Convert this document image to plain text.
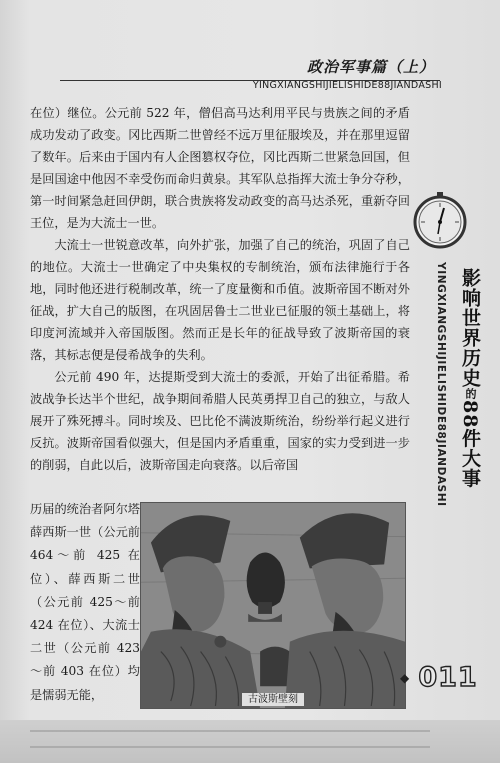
政治军事篇（上）
YINGXIANGSHIJIELISHIDE88JIANDASHI

在位）继位。公元前 522 年，僧侣高马达利用平民与贵族之间的矛盾成功发动了政变。冈比西斯二世曾经不远万里征服埃及，并在那里逗留了数年。后来由于国内有人企图篡权夺位，冈比西斯二世紧急回国，但是回国途中他因不幸受伤而命归黄泉。其军队总指挥大流士争分夺秒，第一时间紧急赶回伊朗，联合贵族将发动政变的高马达杀死，重新夺回王位，是为大流士一世。

大流士一世锐意改革，向外扩张，加强了自己的统治，巩固了自己的地位。大流士一世确定了中央集权的专制统治，颁布法律施行于各地，同时他还进行税制改革，统一了度量衡和币值。波斯帝国不断对外征战，扩大自己的版图，在巩固居鲁士二世业已征服的领土基础上，将印度河流域并入帝国版图。然而正是长年的征战导致了波斯帝国的衰落，其标志便是侵希战争的失利。

公元前 490 年，达提斯受到大流士的委派，开始了出征希腊。希波战争长达半个世纪，战争期间希腊人民英勇捍卫自己的独立，与敌人展开了殊死搏斗。同时埃及、巴比伦不满波斯统治，纷纷举行起义进行反抗。波斯帝国看似强大，但是国内矛盾重重，国家的实力受到进一步的削弱，自此以后，波斯帝国走向衰落。以后帝国

历届的统治者阿尔塔薛西斯一世（公元前 464～前 425 在位）、薛西斯二世（公元前 425～前 424 在位）、大流士二世（公元前 423～前 403 在位）均是懦弱无能，	古波斯壁刻
YINGXIANGSHIJIELISHIDE88JIANDASHI 影响世界历史的88件大事
◆ 011
